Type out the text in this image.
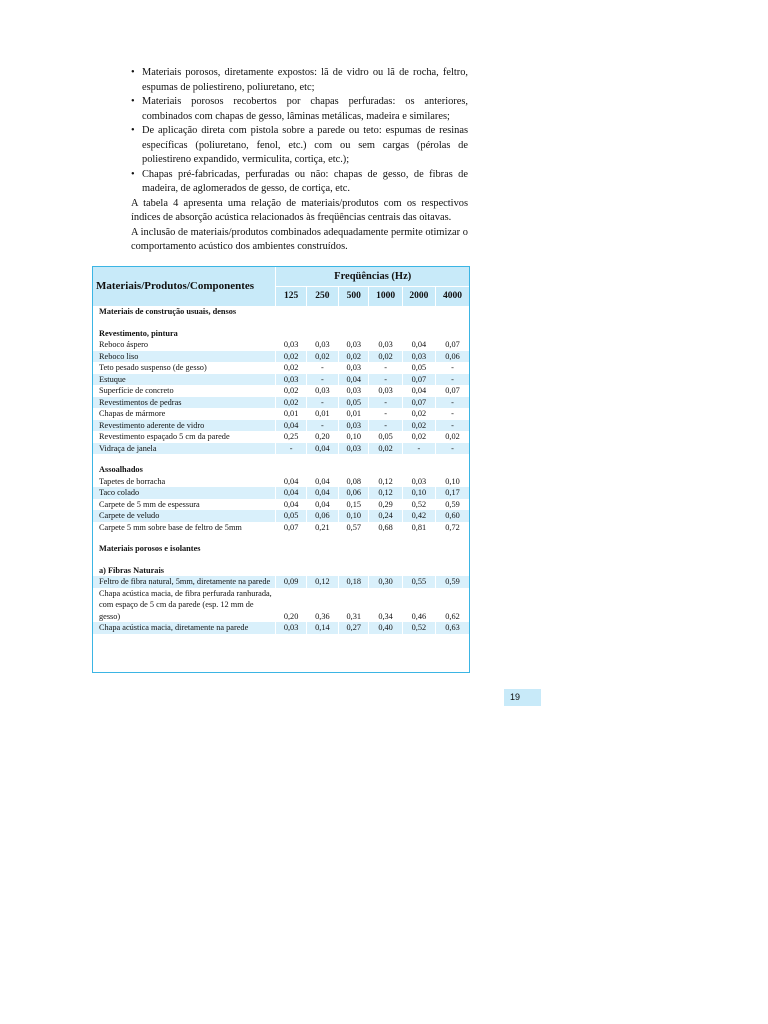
• Materiais porosos, diretamente expostos: lã de vidro ou lã de rocha, feltro, espumas de poliestireno, poliuretano, etc;
• Materiais porosos recobertos por chapas perfuradas: os anteriores, combinados com chapas de gesso, lâminas metálicas, madeira e similares;
• De aplicação direta com pistola sobre a parede ou teto: espumas de resinas específicas (poliuretano, fenol, etc.) com ou sem cargas (pérolas de poliestireno expandido, vermiculita, cortiça, etc.);
• Chapas pré-fabricadas, perfuradas ou não: chapas de gesso, de fibras de madeira, de aglomerados de gesso, de cortiça, etc.

A tabela 4 apresenta uma relação de materiais/produtos com os respectivos índices de absorção acústica relacionados às freqüências centrais das oitavas.

A inclusão de materiais/produtos combinados adequadamente permite otimizar o comportamento acústico dos ambientes construídos.

Materiais/Produtos/Componentes	Freqüências (Hz)					
	125	250	500	1000	2000	4000
Materiais de construção usuais, densos						

Revestimento, pintura						
Reboco áspero	0,03	0,03	0,03	0,03	0,04	0,07
Reboco liso	0,02	0,02	0,02	0,02	0,03	0,06
Teto pesado suspenso (de gesso)	0,02	-	0,03	-	0,05	-
Estuque	0,03	-	0,04	-	0,07	-
Superfície de concreto	0,02	0,03	0,03	0,03	0,04	0,07
Revestimentos de pedras	0,02	-	0,05	-	0,07	-
Chapas de mármore	0,01	0,01	0,01	-	0,02	-
Revestimento aderente de vidro	0,04	-	0,03	-	0,02	-
Revestimento espaçado 5 cm da parede	0,25	0,20	0,10	0,05	0,02	0,02
Vidraça de janela	-	0,04	0,03	0,02	-	-

Assoalhados						
Tapetes de borracha	0,04	0,04	0,08	0,12	0,03	0,10
Taco colado	0,04	0,04	0,06	0,12	0,10	0,17
Carpete de 5 mm de espessura	0,04	0,04	0,15	0,29	0,52	0,59
Carpete de veludo	0,05	0,06	0,10	0,24	0,42	0,60
Carpete 5 mm sobre base de feltro de 5mm	0,07	0,21	0,57	0,68	0,81	0,72

Materiais porosos e isolantes						

a) Fibras Naturais						
Feltro de fibra natural, 5mm, diretamente na parede	0,09	0,12	0,18	0,30	0,55	0,59
Chapa acústica macia, de fibra perfurada ranhurada, com espaço de 5 cm da parede (esp. 12 mm de gesso)	0,20	0,36	0,31	0,34	0,46	0,62
Chapa acústica macia, diretamente na parede	0,03	0,14	0,27	0,40	0,52	0,63
19
